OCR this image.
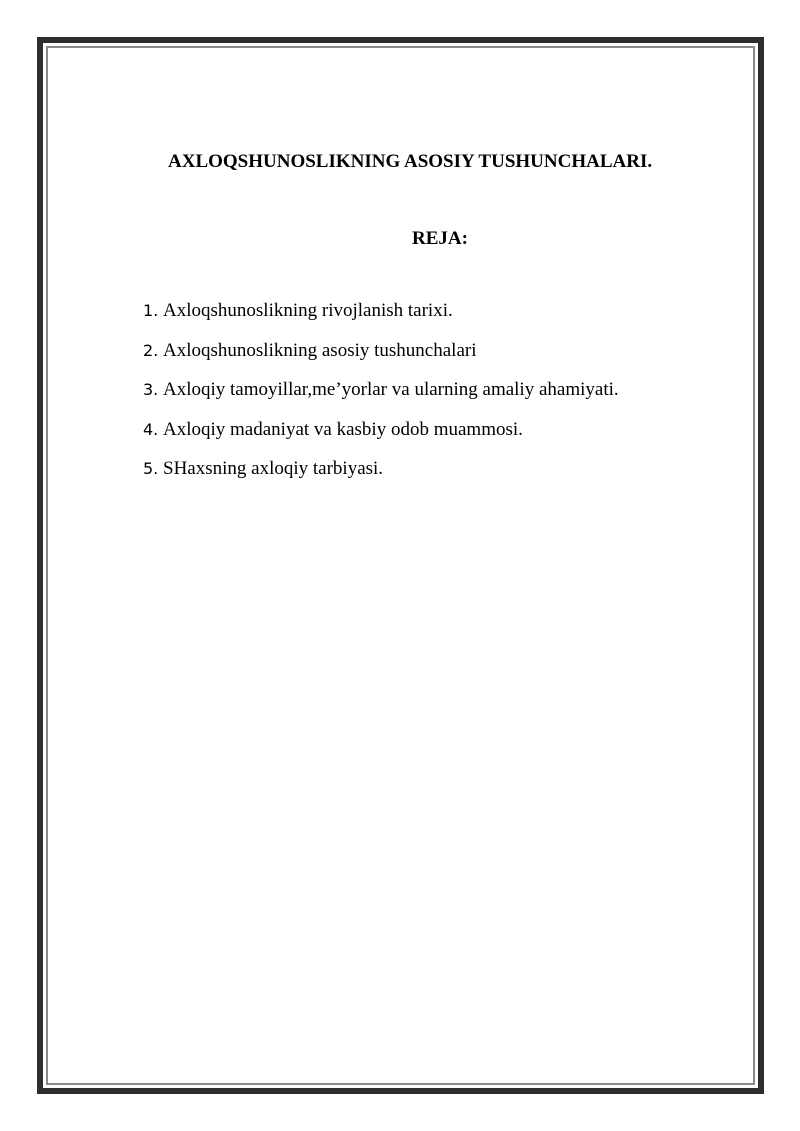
AXLOQSHUNOSLIKNING ASOSIY TUSHUNCHALARI.
REJA:
1. Axloqshunoslikning rivojlanish tarixi.
2. Axloqshunoslikning asosiy tushunchalari
3. Axloqiy tamoyillar,me’yorlar va ularning amaliy ahamiyati.
4. Axloqiy madaniyat va kasbiy odob muammosi.
5. SHaxsning axloqiy tarbiyasi.
